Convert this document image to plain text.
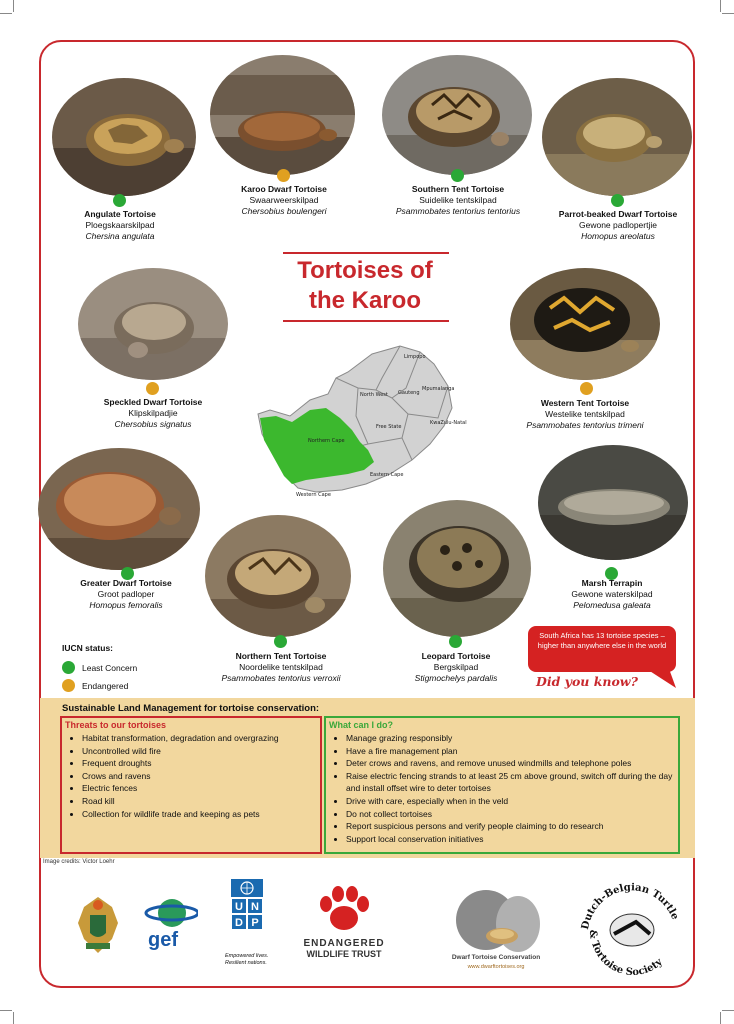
Angulate Tortoise
Ploegskaarskilpad
Chersina angulata
Karoo Dwarf Tortoise
Swaarweerskilpad
Chersobius boulengeri
Southern Tent Tortoise
Suidelike tentskilpad
Psammobates tentorius tentorius	Parrot-beaked Dwarf Tortoise
Gewone padlopertjie
Homopus areolatus
Speckled Dwarf Tortoise
Klipskilpadjie
Chersobius signatus
Western Tent Tortoise
Westelike tentskilpad
Psammobates tentorius trimeni
Greater Dwarf Tortoise
Groot padloper
Homopus femoralis
Marsh Terrapin
Gewone waterskilpad
Pelomedusa galeata
Northern Tent Tortoise
Noordelike tentskilpad
Psammobates tentorius verroxii
Leopard Tortoise
Bergskilpad
Stigmochelys pardalis
Tortoises of
the Karoo
Limpopo
North West Gauteng
Mpumalanga
Free State
KwaZulu-Natal
Northern Cape
Eastern Cape
Western Cape
IUCN status:
Least Concern
Endangered
South Africa has 13 tortoise species – higher than anywhere else in the world
Did you know?
Sustainable Land Management for tortoise conservation:
Threats to our tortoises
• Habitat transformation, degradation and overgrazing
• Uncontrolled wild fire
• Frequent droughts
• Crows and ravens
• Electric fences
• Road kill
• Collection for wildlife trade and keeping as pets
What can I do?
• Manage grazing responsibly
• Have a fire management plan
• Deter crows and ravens, and remove unused windmills and telephone poles
• Raise electric fencing strands to at least 25 cm above ground, switch off during the day and install offset wire to deter tortoises
• Drive with care, especially when in the veld
• Do not collect tortoises
• Report suspicious persons and verify people claiming to do research
• Support local conservation initiatives
Image credits: Victor Loehr
gef
U N
D P
Empowered lives. Resilient nations.
ENDANGERED
WILDLIFE TRUST	Dwarf Tortoise Conservation
www.dwarftortoises.org
Dutch-Belgian Turtle
& Tortoise Society
